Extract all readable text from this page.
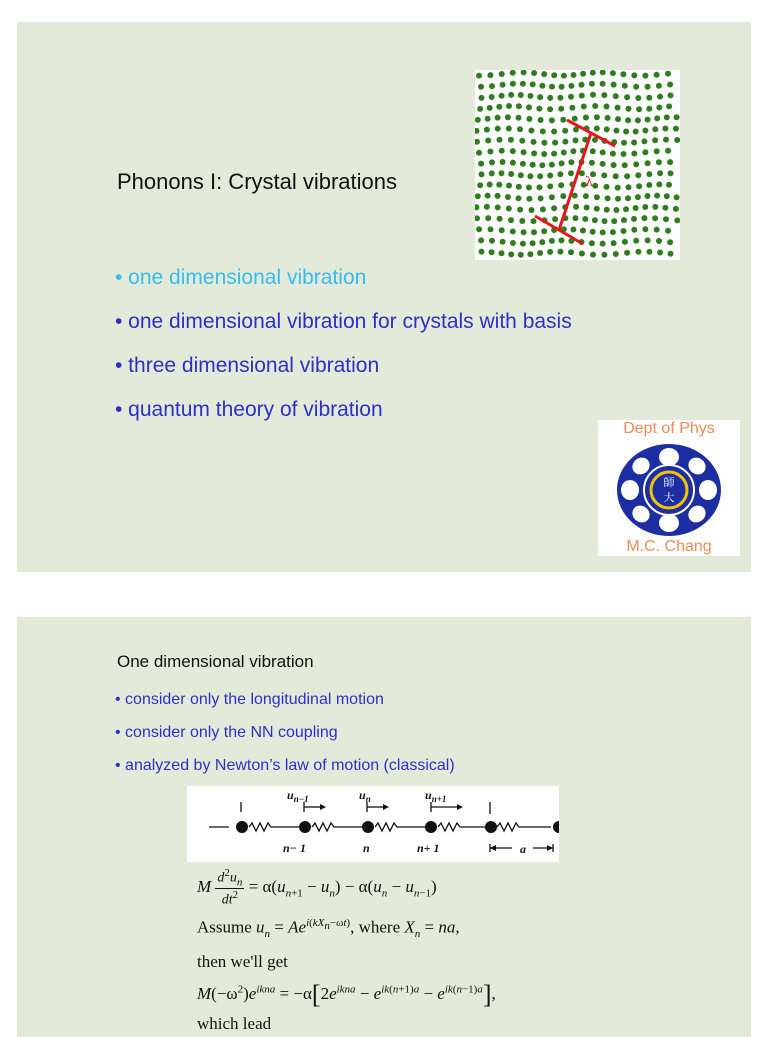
Phonons I: Crystal vibrations	λ
• one dimensional vibration
• one dimensional vibration for crystals with basis
• three dimensional vibration
• quantum theory of vibration
Dept of Phys
師
大
M.C. Chang
One dimensional vibration
• consider only the longitudinal motion
• consider only the NN coupling
• analyzed by Newton’s law of motion (classical)
$u_{n-1}$	$u_n$	$u_{n+1}$
n− 1	n	n+ 1	a
M $\frac{d^2u_n}{dt^2} = \alpha(u_{n+1} - u_n) - \alpha(u_n - u_{n-1})$
Assume $u_n = Ae^{i(kX_n-\omega t)}$, where $X_n$ = na,
then we'll get
$M(-\omega^2)e^{ikna} = -\alpha[2e^{ikna} - e^{ik(n+1)a} - e^{ik(n-1)a}]$,
which lead
